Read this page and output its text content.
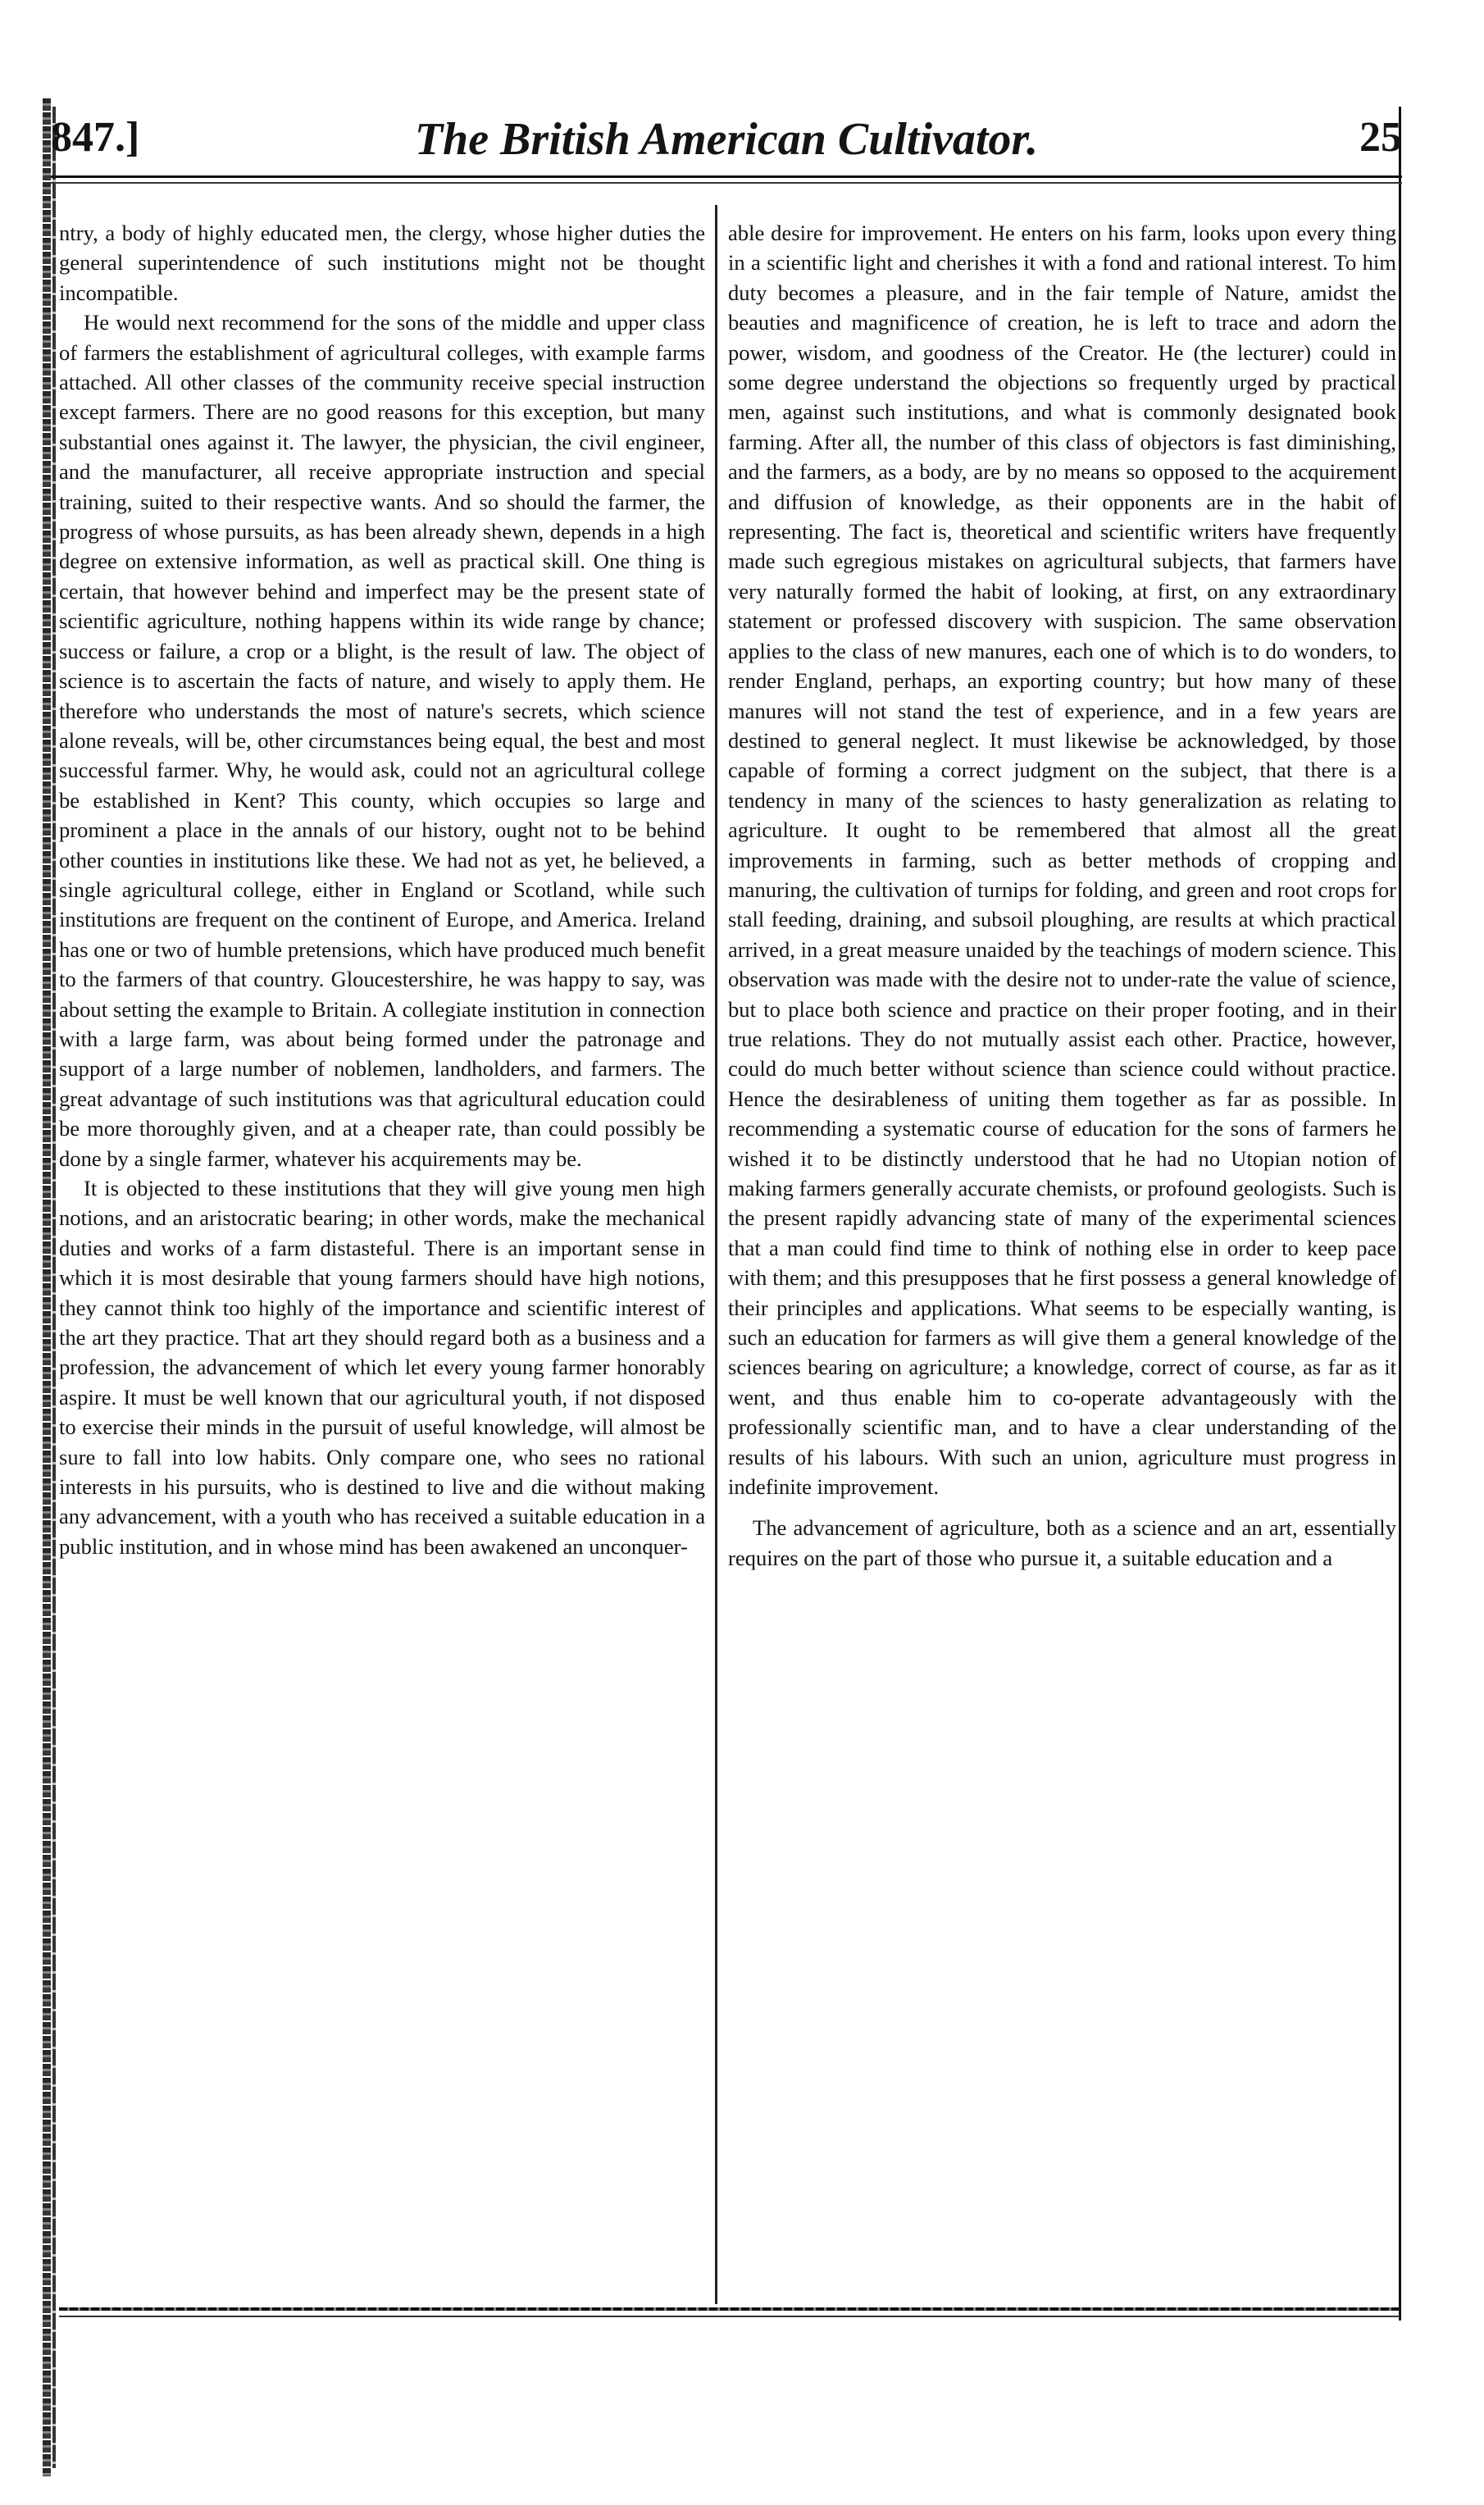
847.]	The British American Cultivator.	25

ntry, a body of highly educated men, the clergy, whose higher duties the general superintendence of such institutions might not be thought incompatible.

He would next recommend for the sons of the middle and upper class of farmers the establishment of agricultural colleges, with example farms attached. All other classes of the community receive special instruction except farmers. There are no good reasons for this exception, but many substantial ones against it. The lawyer, the physician, the civil engineer, and the manufacturer, all receive appropriate instruction and special training, suited to their respective wants. And so should the farmer, the progress of whose pursuits, as has been already shewn, depends in a high degree on extensive information, as well as practical skill. One thing is certain, that however behind and imperfect may be the present state of scientific agriculture, nothing happens within its wide range by chance; success or failure, a crop or a blight, is the result of law. The object of science is to ascertain the facts of nature, and wisely to apply them. He therefore who understands the most of nature's secrets, which science alone reveals, will be, other circumstances being equal, the best and most successful farmer. Why, he would ask, could not an agricultural college be established in Kent? This county, which occupies so large and prominent a place in the annals of our history, ought not to be behind other counties in institutions like these. We had not as yet, he believed, a single agricultural college, either in England or Scotland, while such institutions are frequent on the continent of Europe, and America. Ireland has one or two of humble pretensions, which have produced much benefit to the farmers of that country. Gloucestershire, he was happy to say, was about setting the example to Britain. A collegiate institution in connection with a large farm, was about being formed under the patronage and support of a large number of noblemen, landholders, and farmers. The great advantage of such institutions was that agricultural education could be more thoroughly given, and at a cheaper rate, than could possibly be done by a single farmer, whatever his acquirements may be.

It is objected to these institutions that they will give young men high notions, and an aristocratic bearing; in other words, make the mechanical duties and works of a farm distasteful. There is an important sense in which it is most desirable that young farmers should have high notions, they cannot think too highly of the importance and scientific interest of the art they practice. That art they should regard both as a business and a profession, the advancement of which let every young farmer honorably aspire. It must be well known that our agricultural youth, if not disposed to exercise their minds in the pursuit of useful knowledge, will almost be sure to fall into low habits. Only compare one, who sees no rational interests in his pursuits, who is destined to live and die without making any advancement, with a youth who has received a suitable education in a public institution, and in whose mind has been awakened an unconquer-

able desire for improvement. He enters on his farm, looks upon every thing in a scientific light and cherishes it with a fond and rational interest. To him duty becomes a pleasure, and in the fair temple of Nature, amidst the beauties and magnificence of creation, he is left to trace and adorn the power, wisdom, and goodness of the Creator. He (the lecturer) could in some degree understand the objections so frequently urged by practical men, against such institutions, and what is commonly designated book farming. After all, the number of this class of objectors is fast diminishing, and the farmers, as a body, are by no means so opposed to the acquirement and diffusion of knowledge, as their opponents are in the habit of representing. The fact is, theoretical and scientific writers have frequently made such egregious mistakes on agricultural subjects, that farmers have very naturally formed the habit of looking, at first, on any extraordinary statement or professed discovery with suspicion. The same observation applies to the class of new manures, each one of which is to do wonders, to render England, perhaps, an exporting country; but how many of these manures will not stand the test of experience, and in a few years are destined to general neglect. It must likewise be acknowledged, by those capable of forming a correct judgment on the subject, that there is a tendency in many of the sciences to hasty generalization as relating to agriculture. It ought to be remembered that almost all the great improvements in farming, such as better methods of cropping and manuring, the cultivation of turnips for folding, and green and root crops for stall feeding, draining, and subsoil ploughing, are results at which practical arrived, in a great measure unaided by the teachings of modern science. This observation was made with the desire not to under-rate the value of science, but to place both science and practice on their proper footing, and in their true relations. They do not mutually assist each other. Practice, however, could do much better without science than science could without practice. Hence the desirableness of uniting them together as far as possible. In recommending a systematic course of education for the sons of farmers he wished it to be distinctly understood that he had no Utopian notion of making farmers generally accurate chemists, or profound geologists. Such is the present rapidly advancing state of many of the experimental sciences that a man could find time to think of nothing else in order to keep pace with them; and this presupposes that he first possess a general knowledge of their principles and applications. What seems to be especially wanting, is such an education for farmers as will give them a general knowledge of the sciences bearing on agriculture; a knowledge, correct of course, as far as it went, and thus enable him to co-operate advantageously with the professionally scientific man, and to have a clear understanding of the results of his labours. With such an union, agriculture must progress in indefinite improvement.

The advancement of agriculture, both as a science and an art, essentially requires on the part of those who pursue it, a suitable education and a
